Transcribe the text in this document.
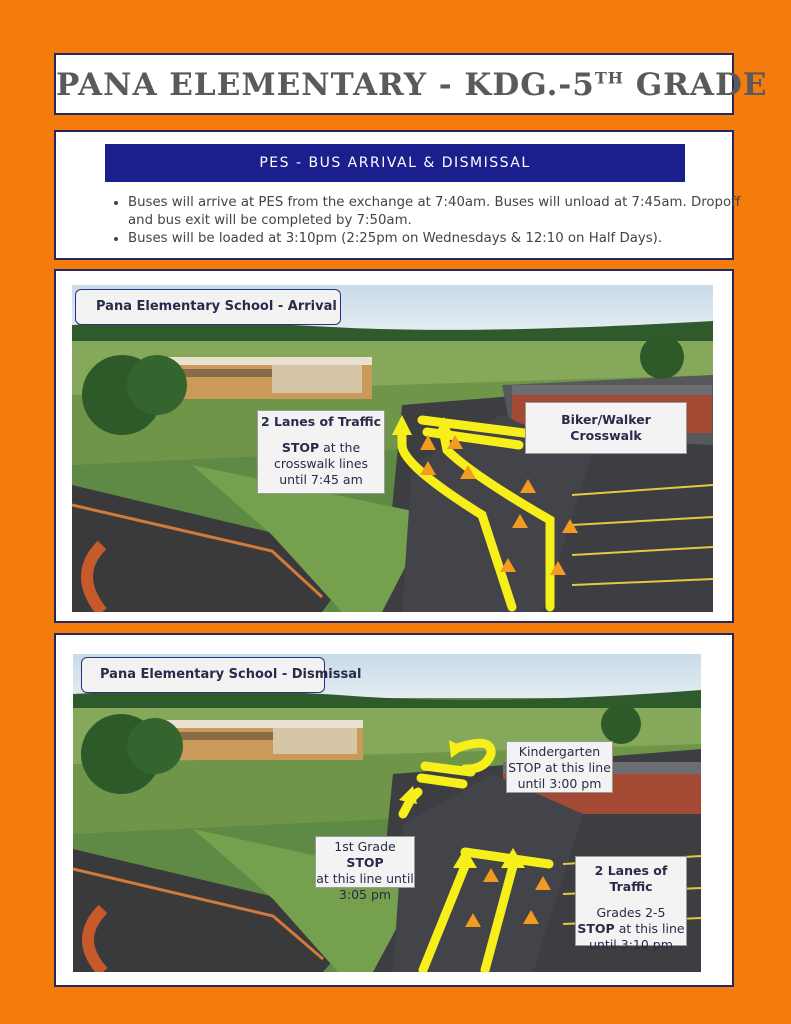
PANA ELEMENTARY - KDG.-5TH GRADE
PES - BUS ARRIVAL & DISMISSAL
• Buses will arrive at PES from the exchange at 7:40am. Buses will unload at 7:45am. Dropoff and bus exit will be completed by 7:50am.
• Buses will be loaded at 3:10pm (2:25pm on Wednesdays & 12:10 on Half Days).
Pana Elementary School - Arrival
2 Lanes of Traffic
STOP at the
crosswalk lines
until 7:45 am
Biker/Walker
Crosswalk
Pana Elementary School - Dismissal
Kindergarten
STOP at this line
until 3:00 pm
1st Grade STOP
at this line until
3:05 pm
2 Lanes of Traffic
Grades 2-5
STOP at this line
until 3:10 pm
